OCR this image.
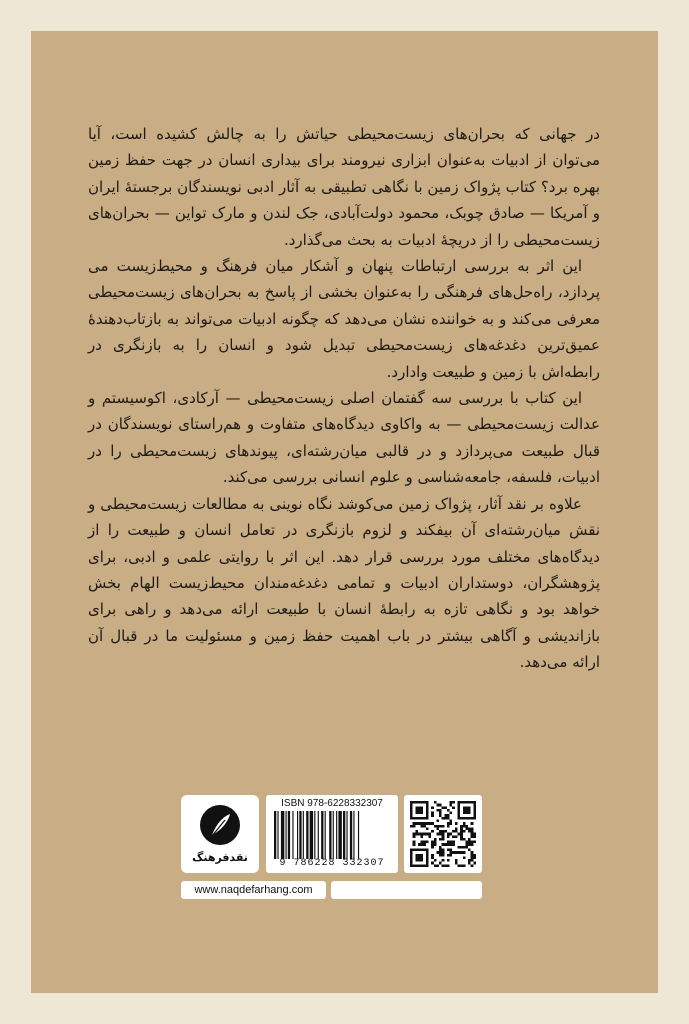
در جهانی که بحران‌های زیست‌محیطی حیاتش را به چالش کشیده است، آیا می‌توان از ادبیات به‌عنوان ابزاری نیرومند برای بیداری انسان در جهت حفظ زمین بهره برد؟ کتاب پژواک زمین با نگاهی تطبیقی به آثار ادبی نویسندگان برجستهٔ ایران و آمریکا — صادق چوبک، محمود دولت‌آبادی، جک لندن و مارک تواین — بحران‌های زیست‌محیطی را از دریچهٔ ادبیات به بحث می‌گذارد.

این اثر به بررسی ارتباطات پنهان و آشکار میان فرهنگ و محیط‌زیست می پردازد، راه‌حل‌های فرهنگی را به‌عنوان بخشی از پاسخ به بحران‌های زیست‌محیطی معرفی می‌کند و به خواننده نشان می‌دهد که چگونه ادبیات می‌تواند به بازتاب‌دهندهٔ عمیق‌ترین دغدغه‌های زیست‌محیطی تبدیل شود و انسان را به بازنگری در رابطه‌اش با زمین و طبیعت وادارد.

این کتاب با بررسی سه گفتمان اصلی زیست‌محیطی — آرکادی، اکوسیستم و عدالت زیست‌محیطی — به واکاوی دیدگاه‌های متفاوت و هم‌راستای نویسندگان در قبال طبیعت می‌پردازد و در قالبی میان‌رشته‌ای، پیوندهای زیست‌محیطی را در ادبیات، فلسفه، جامعه‌شناسی و علوم انسانی بررسی می‌کند.

علاوه بر نقد آثار، پژواک زمین می‌کوشد نگاه نوینی به مطالعات زیست‌محیطی و نقش میان‌رشته‌ای آن بیفکند و لزوم بازنگری در تعامل انسان و طبیعت را از دیدگاه‌های مختلف مورد بررسی قرار دهد. این اثر با روایتی علمی و ادبی، برای پژوهشگران، دوستداران ادبیات و تمامی دغدغه‌مندان محیط‌زیست الهام بخش خواهد بود و نگاهی تازه به رابطهٔ انسان با طبیعت ارائه می‌دهد و راهی برای بازاندیشی و آگاهی بیشتر در باب اهمیت حفظ زمین و مسئولیت ما در قبال آن ارائه می‌دهد.

نقدفرهنگ
ISBN 978-6228332307
9 786228 332307
www.naqdefarhang.com
